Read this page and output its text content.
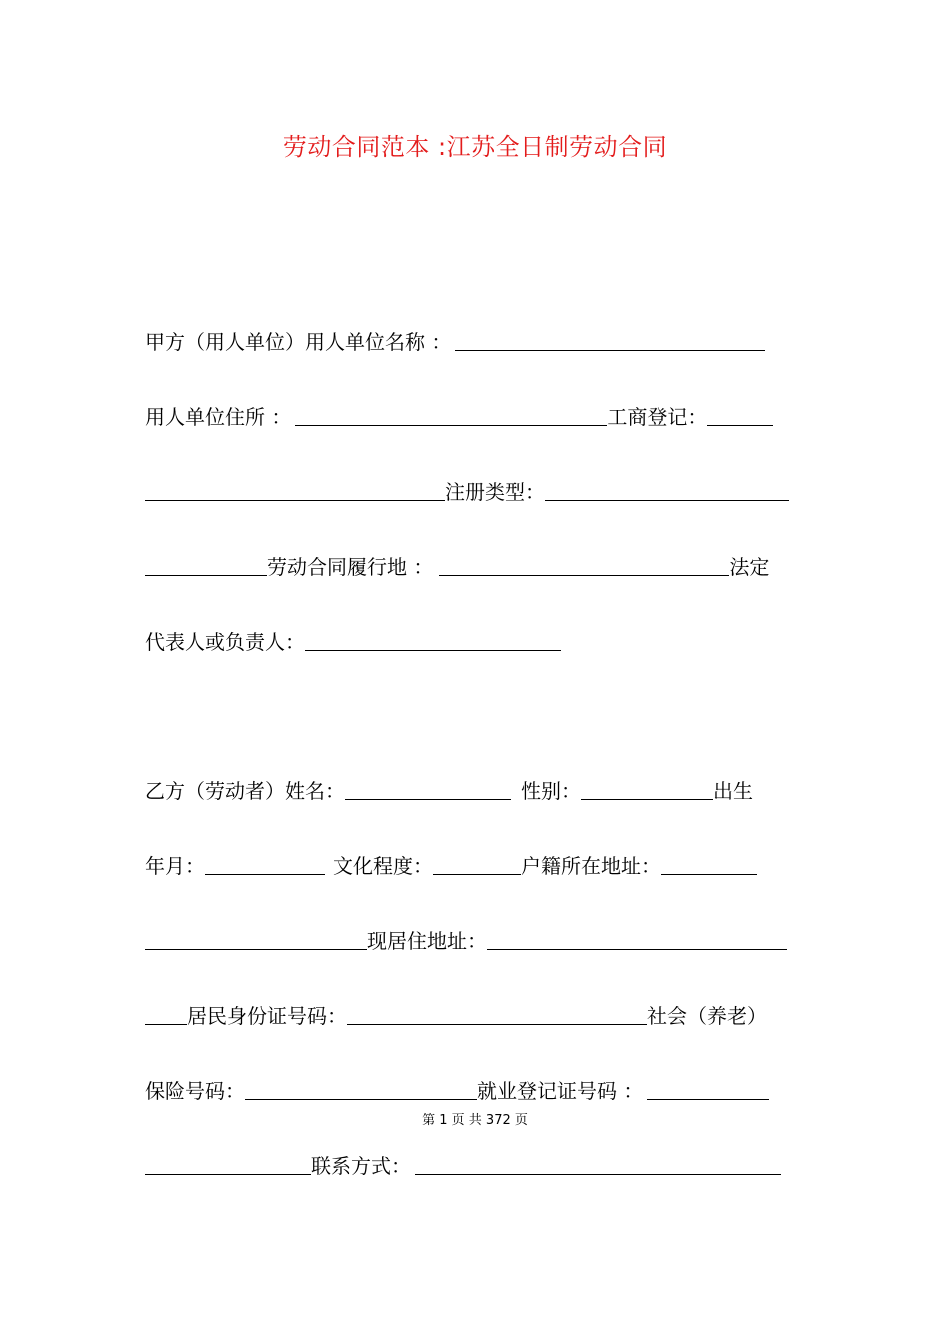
劳动合同范本 :江苏全日制劳动合同
甲方（用人单位）用人单位名称 ：
用人单位住所 ：	工商登记：
注册类型：
劳动合同履行地 ：	法定
代表人或负责人：
乙方（劳动者）姓名：	性别：	出生
年月：	文化程度：	户籍所在地址：
现居住地址：
居民身份证号码：	社会（养老）
保险号码：	就业登记证号码 ：
第 1 页 共 372 页
联系方式：
